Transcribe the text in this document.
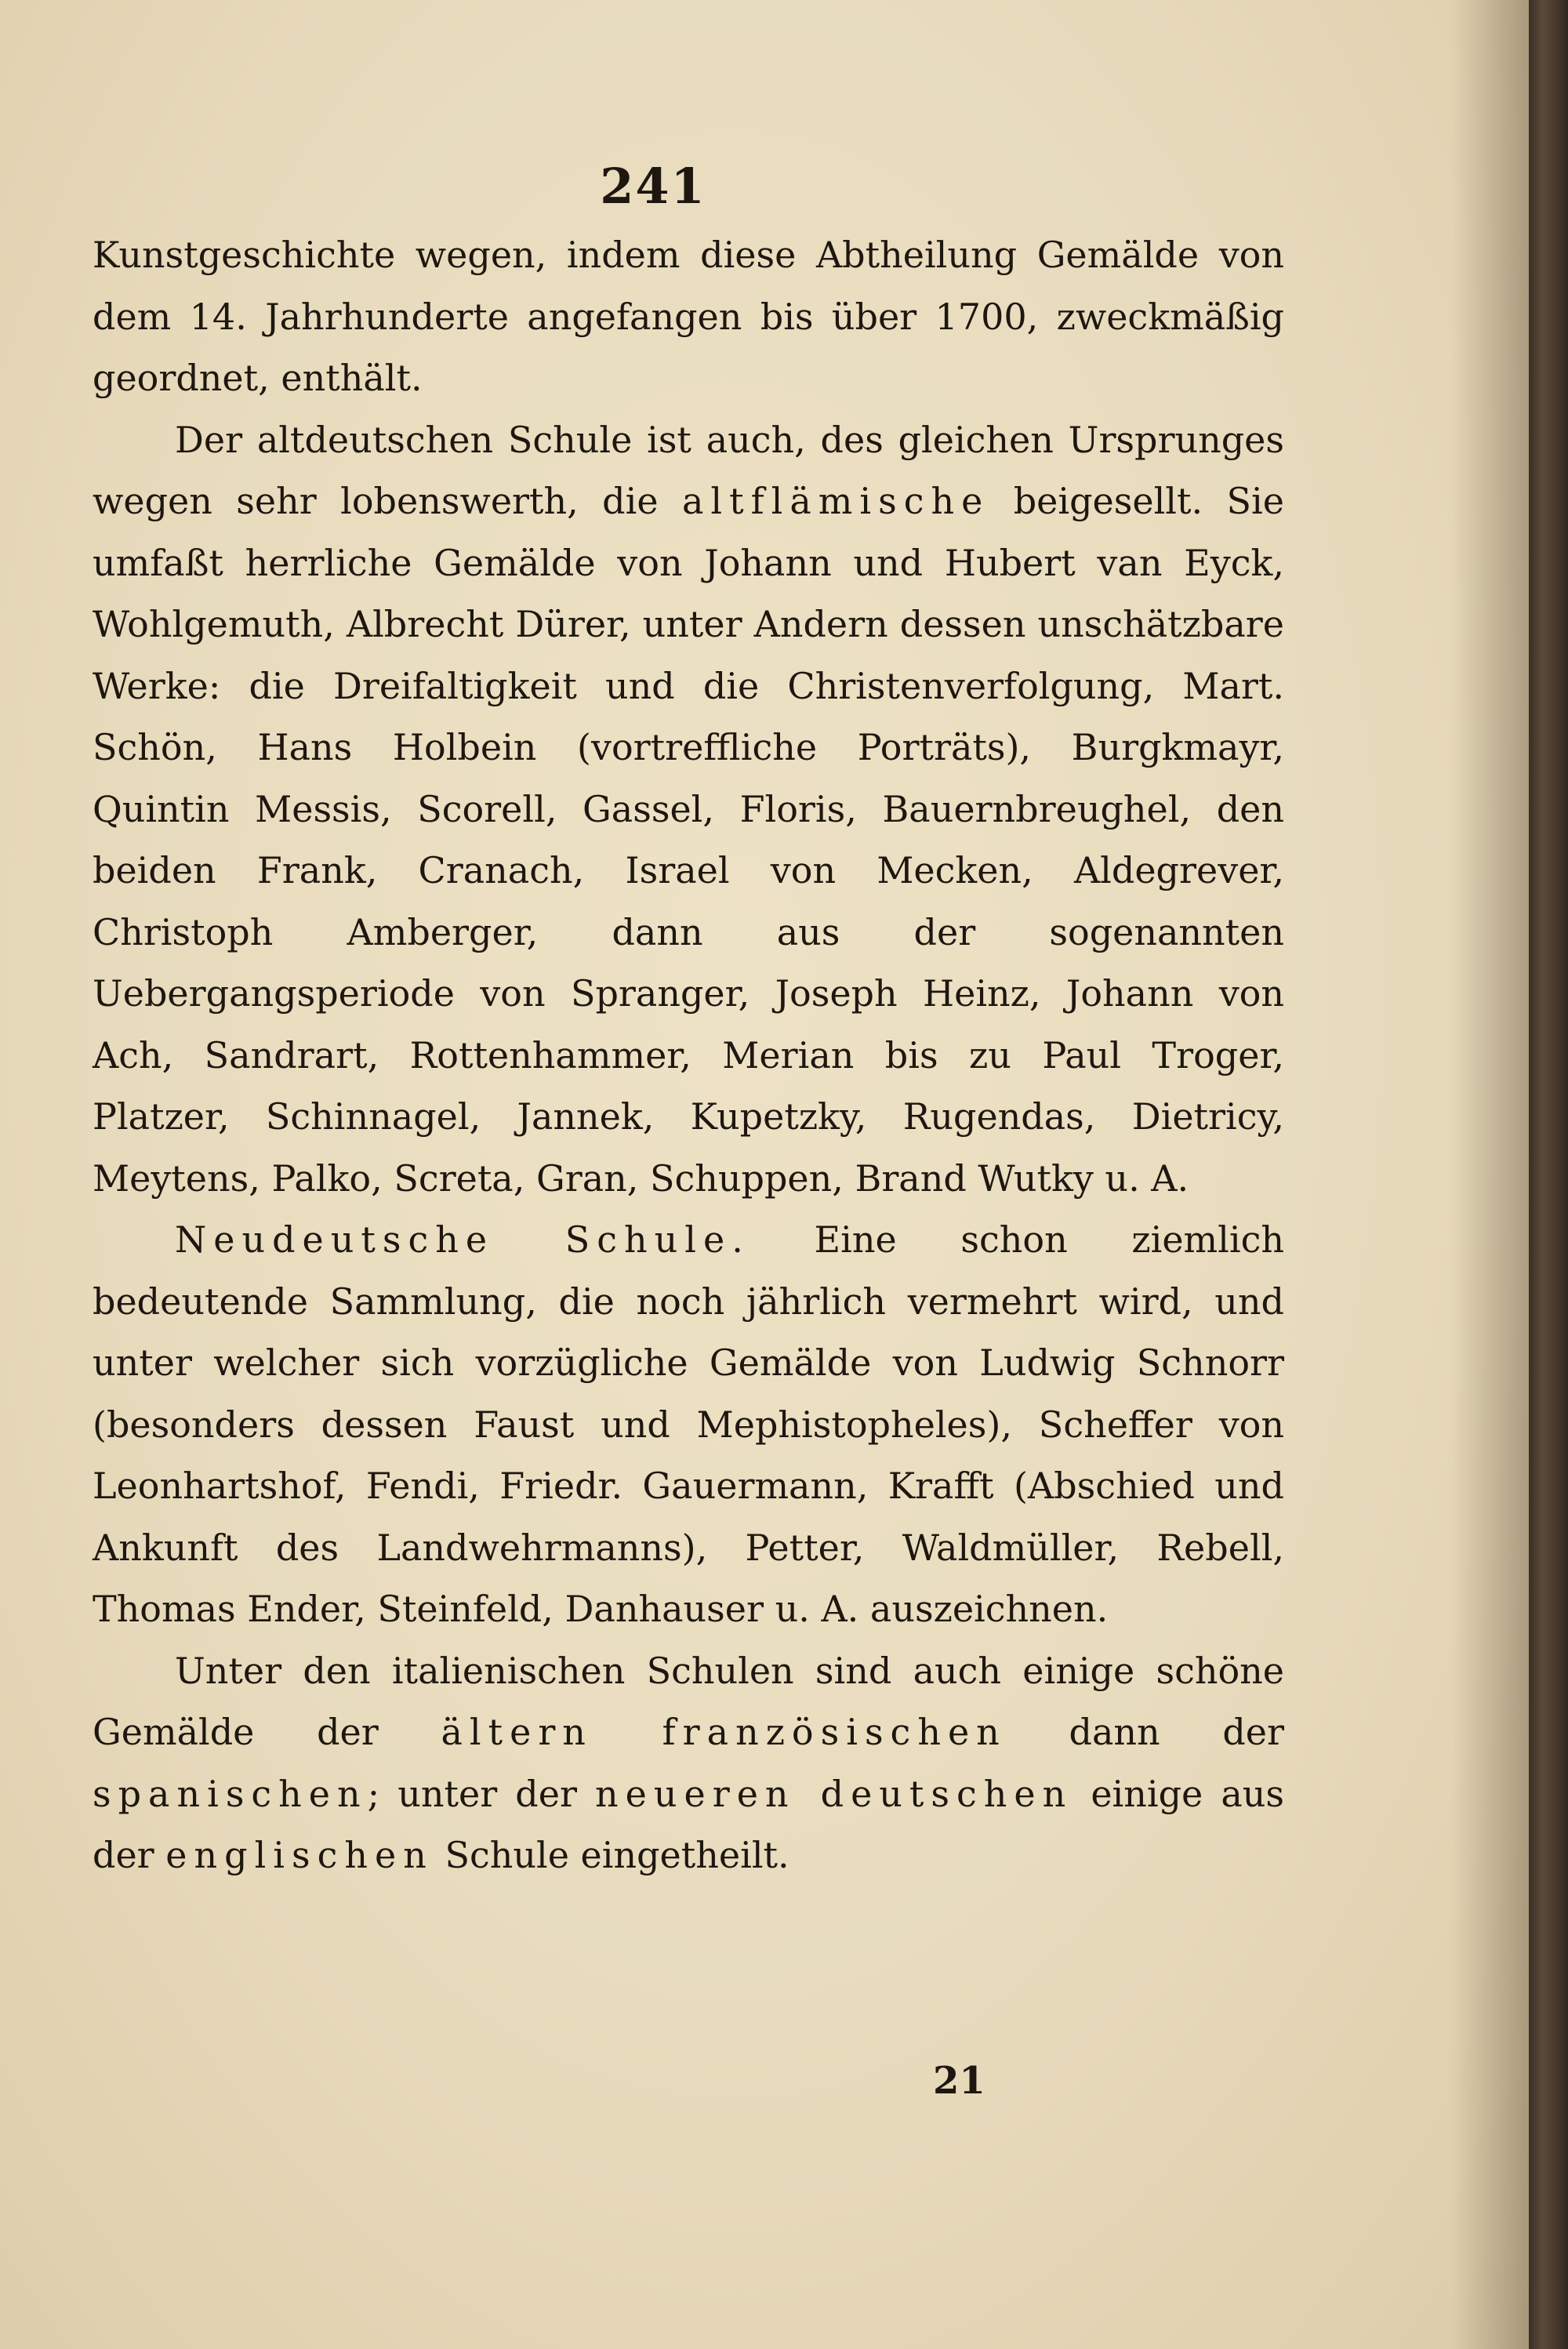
241

Kunstgeschichte wegen, indem diese Abtheilung Gemälde von dem 14. Jahrhunderte angefangen bis über 1700, zweckmäßig geordnet, enthält.

Der altdeutschen Schule ist auch, des gleichen Ursprunges wegen sehr lobenswerth, die altflämische beigesellt. Sie umfaßt herrliche Gemälde von Johann und Hubert van Eyck, Wohlgemuth, Albrecht Dürer, unter Andern dessen unschätzbare Werke: die Dreifaltigkeit und die Christenverfolgung, Mart. Schön, Hans Holbein (vortreffliche Porträts), Burgkmayr, Quintin Messis, Scorell, Gassel, Floris, Bauernbreughel, den beiden Frank, Cranach, Israel von Mecken, Aldegrever, Christoph Amberger, dann aus der sogenannten Uebergangsperiode von Spranger, Joseph Heinz, Johann von Ach, Sandrart, Rottenhammer, Merian bis zu Paul Troger, Platzer, Schinnagel, Jannek, Kupetzky, Rugendas, Dietricy, Meytens, Palko, Screta, Gran, Schuppen, Brand Wutky u. A.

Neudeutsche Schule. Eine schon ziemlich bedeutende Sammlung, die noch jährlich vermehrt wird, und unter welcher sich vorzügliche Gemälde von Ludwig Schnorr (besonders dessen Faust und Mephistopheles), Scheffer von Leonhartshof, Fendi, Friedr. Gauermann, Krafft (Abschied und Ankunft des Landwehrmanns), Petter, Waldmüller, Rebell, Thomas Ender, Steinfeld, Danhauser u. A. auszeichnen.

Unter den italienischen Schulen sind auch einige schöne Gemälde der ältern französischen dann der spanischen; unter der neueren deutschen einige aus der englischen Schule eingetheilt.

21
